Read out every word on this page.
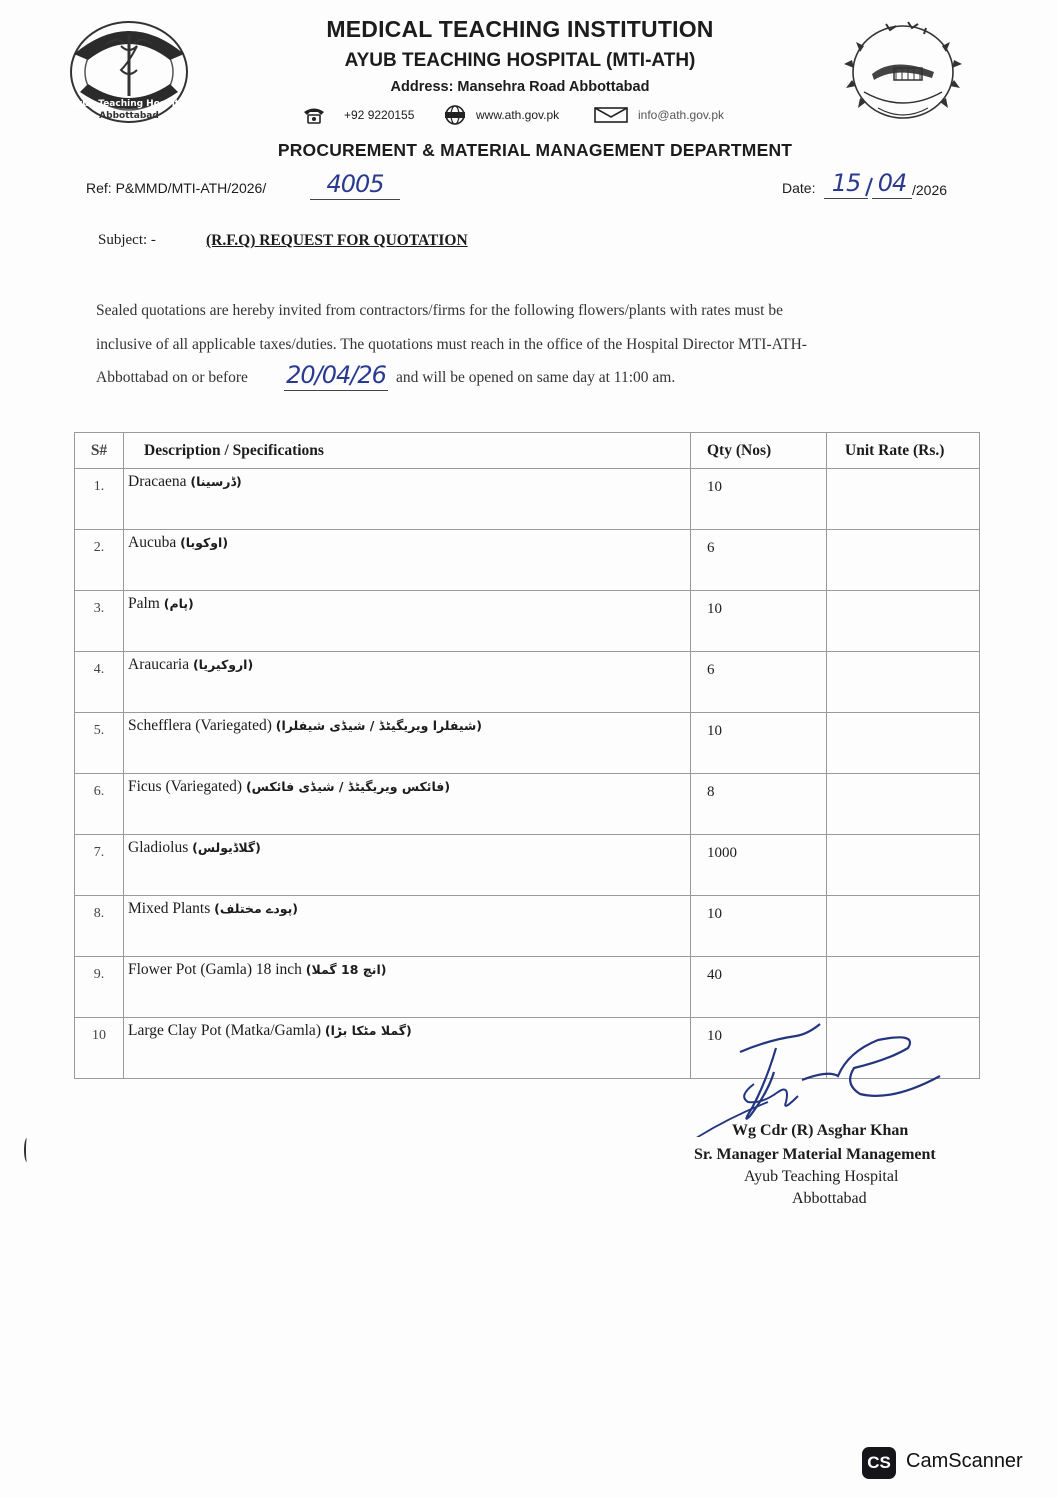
Ayub Teaching Hospital
Abbottabad
MEDICAL TEACHING INSTITUTION
AYUB TEACHING HOSPITAL (MTI-ATH)
Address: Mansehra Road Abbottabad
+92 9220155	www.ath.gov.pk	info@ath.gov.pk
PROCUREMENT & MATERIAL MANAGEMENT DEPARTMENT
Ref: P&MMD/MTI-ATH/2026/	4005	Date: 15 04 /2026
Subject: -	(R.F.Q) REQUEST FOR QUOTATION
Sealed quotations are hereby invited from contractors/firms for the following flowers/plants with rates must be
inclusive of all applicable taxes/duties. The quotations must reach in the office of the Hospital Director MTI-ATH-
Abbottabad on or before 20/04/26 and will be opened on same day at 11:00 am.
S#	Description / Specifications	Qty (Nos)	Unit Rate (Rs.)
1.	Dracaena (ڈرسینا)	10	
2.	Aucuba (اوکوبا)	6	
3.	Palm (پام)	10	
4.	Araucaria (اروکیریا)	6	
5.	Schefflera (Variegated) (شیفلرا ویریگیٹڈ / شیڈی شیفلرا)	10	
6.	Ficus (Variegated) (فائکس ویریگیٹڈ / شیڈی فائکس)	8	
7.	Gladiolus (گلاڈیولس)	1000	
8.	Mixed Plants (پودے مختلف)	10	
9.	Flower Pot (Gamla) 18 inch (انچ 18 گملا)	40	
10	Large Clay Pot (Matka/Gamla) (گملا مٹکا بڑا)	10	
Wg Cdr (R) Asghar Khan
Sr. Manager Material Management
Ayub Teaching Hospital
Abbottabad
CS CamScanner
